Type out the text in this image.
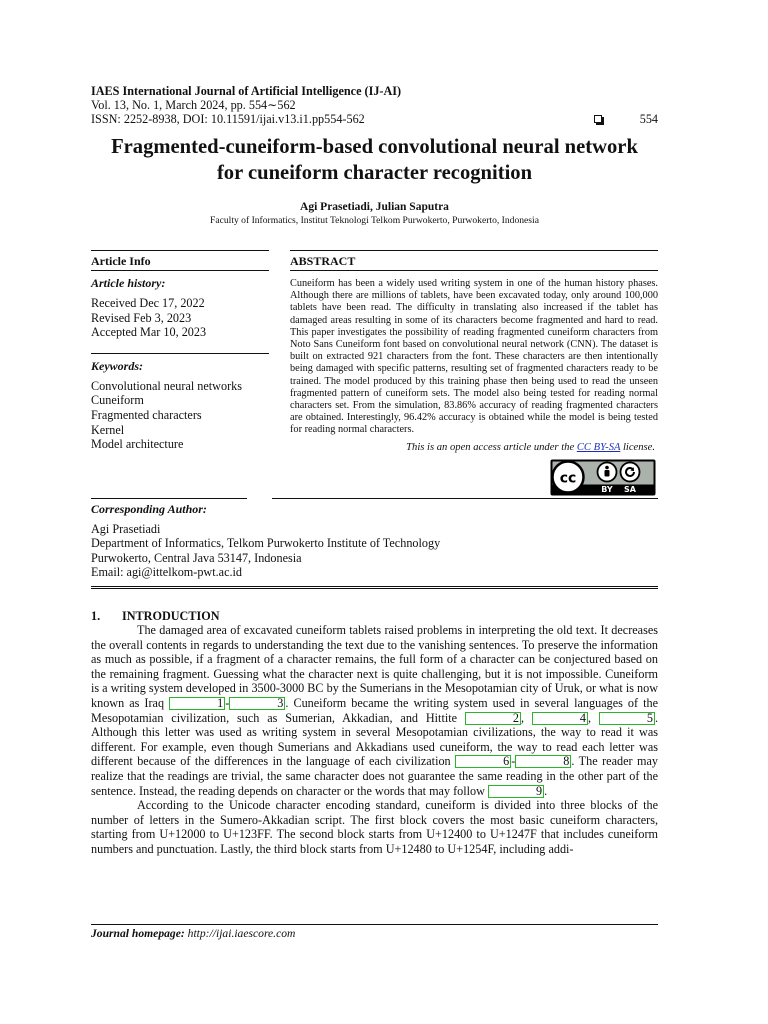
IAES International Journal of Artificial Intelligence (IJ-AI)
Vol. 13, No. 1, March 2024, pp. 554∼562
ISSN: 2252-8938, DOI: 10.11591/ijai.v13.i1.pp554-562	554
Fragmented-cuneiform-based convolutional neural network
for cuneiform character recognition
Agi Prasetiadi, Julian Saputra
Faculty of Informatics, Institut Teknologi Telkom Purwokerto, Purwokerto, Indonesia
Article Info
Article history:
Received Dec 17, 2022
Revised Feb 3, 2023
Accepted Mar 10, 2023
Keywords:
Convolutional neural networks
Cuneiform
Fragmented characters
Kernel
Model architecture
ABSTRACT
Cuneiform has been a widely used writing system in one of the human history phases. Although there are millions of tablets, have been excavated today, only around 100,000 tablets have been read. The difficulty in translating also increased if the tablet has damaged areas resulting in some of its characters become fragmented and hard to read. This paper investigates the possibility of reading fragmented cuneiform characters from Noto Sans Cuneiform font based on convolutional neural network (CNN). The dataset is built on extracted 921 characters from the font. These characters are then intentionally being damaged with specific patterns, resulting set of fragmented characters ready to be trained. The model produced by this training phase then being used to read the unseen fragmented pattern of cuneiform sets. The model also being tested for reading normal characters set. From the simulation, 83.86% accuracy of reading fragmented characters are obtained. Interestingly, 96.42% accuracy is obtained while the model is being tested for reading normal characters.
This is an open access article under the CC BY-SA license.
cc
BY SA
Corresponding Author:
Agi Prasetiadi
Department of Informatics, Telkom Purwokerto Institute of Technology
Purwokerto, Central Java 53147, Indonesia
Email: agi@ittelkom-pwt.ac.id
1. INTRODUCTION

The damaged area of excavated cuneiform tablets raised problems in interpreting the old text. It decreases the overall contents in regards to understanding the text due to the vanishing sentences. To preserve the information as much as possible, if a fragment of a character remains, the full form of a character can be conjectured based on the remaining fragment. Guessing what the character next is quite challenging, but it is not impossible. Cuneiform is a writing system developed in 3500-3000 BC by the Sumerians in the Mesopotamian city of Uruk, or what is now known as Iraq	1 -	3 . Cuneiform became the writing system used in several languages of the Mesopotamian civilization, such as Sumerian, Akkadian, and Hittite	2 ,	4 ,	5 . Although this letter was used as writing system in several Mesopotamian civilizations, the way to read it was different. For example, even though Sumerians and Akkadians used cuneiform, the way to read each letter was different because of the differences in the language of each civilization	6 -	8 . The reader may realize that the readings are trivial, the same character does not guarantee the same reading in the other part of the sentence. Instead, the reading depends on character or the words that may follow	9 .

According to the Unicode character encoding standard, cuneiform is divided into three blocks of the number of letters in the Sumero-Akkadian script. The first block covers the most basic cuneiform characters, starting from U+12000 to U+123FF. The second block starts from U+12400 to U+1247F that includes cuneiform numbers and punctuation. Lastly, the third block starts from U+12480 to U+1254F, including addi-

Journal homepage: http://ijai.iaescore.com
